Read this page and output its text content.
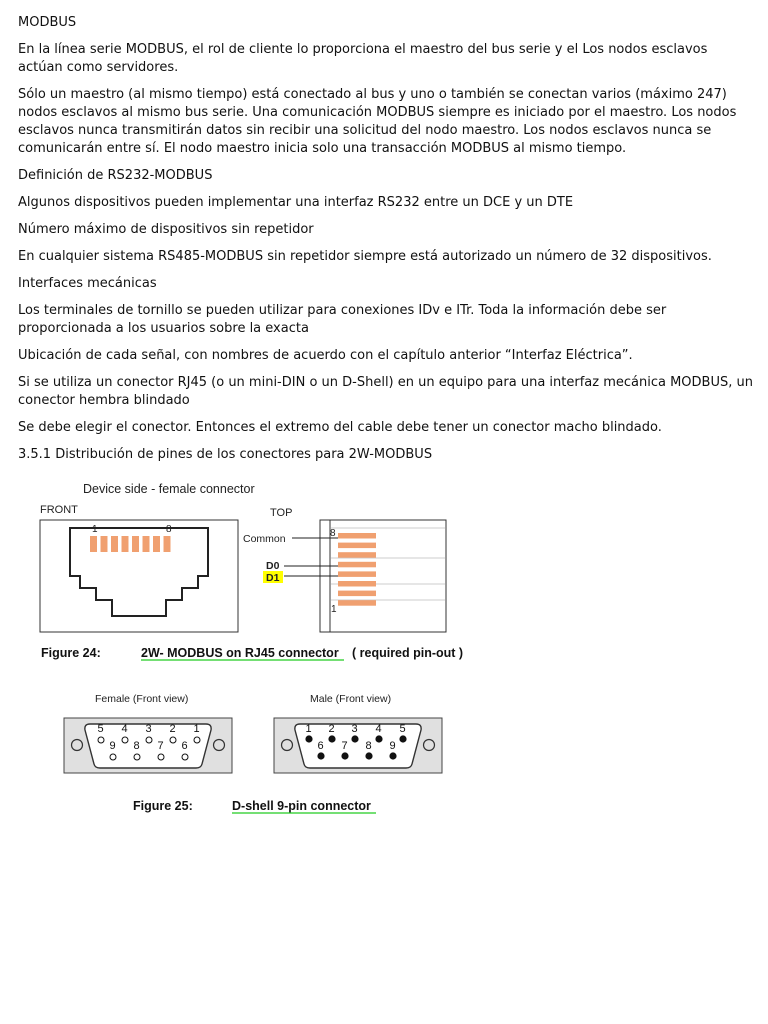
MODBUS

En la línea serie MODBUS, el rol de cliente lo proporciona el maestro del bus serie y el Los nodos esclavos actúan como servidores.

Sólo un maestro (al mismo tiempo) está conectado al bus y uno o también se conectan varios (máximo 247) nodos esclavos al mismo bus serie. Una comunicación MODBUS siempre es iniciado por el maestro. Los nodos esclavos nunca transmitirán datos sin recibir una solicitud del nodo maestro. Los nodos esclavos nunca se comunicarán entre sí. El nodo maestro inicia solo una transacción MODBUS al mismo tiempo.

Definición de RS232-MODBUS

Algunos dispositivos pueden implementar una interfaz RS232 entre un DCE y un DTE

Número máximo de dispositivos sin repetidor

En cualquier sistema RS485-MODBUS sin repetidor siempre está autorizado un número de 32 dispositivos.

Interfaces mecánicas

Los terminales de tornillo se pueden utilizar para conexiones IDv e ITr. Toda la información debe ser proporcionada a los usuarios sobre la exacta

Ubicación de cada señal, con nombres de acuerdo con el capítulo anterior “Interfaz Eléctrica”.

Si se utiliza un conector RJ45 (o un mini-DIN o un D-Shell) en un equipo para una interfaz mecánica MODBUS, un conector hembra blindado

Se debe elegir el conector. Entonces el extremo del cable debe tener un conector macho blindado.

3.5.1 Distribución de pines de los conectores para 2W-MODBUS

Device side - female connector
FRONT
1	8
TOP
8
1
Common
D0
D1
Figure 24:	2W- MODBUS on RJ45 connector ( required pin-out )
Female (Front view)	Male (Front view)
5 4 3 2 1
9 8 7 6
1 2 3 4 5
6 7 8 9
Figure 25:	D-shell 9-pin connector
